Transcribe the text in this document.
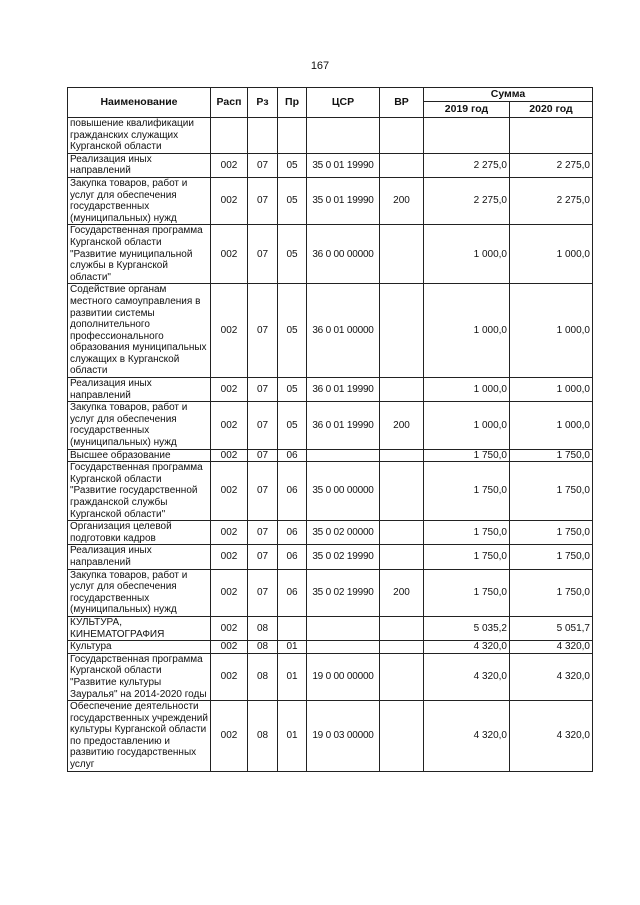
167
Наименование	Расп	Рз	Пр	ЦСР	ВР	Сумма	
						2019 год	2020 год
повышение квалификации гражданских служащих Курганской области							
Реализация иных направлений	002	07	05	35 0 01 19990		2 275,0	2 275,0
Закупка товаров, работ и услуг для обеспечения государственных (муниципальных) нужд	002	07	05	35 0 01 19990	200	2 275,0	2 275,0
Государственная программа Курганской области "Развитие муниципальной службы в Курганской области"	002	07	05	36 0 00 00000		1 000,0	1 000,0
Содействие органам местного самоуправления в развитии системы дополнительного профессионального образования муниципальных служащих в Курганской области	002	07	05	36 0 01 00000		1 000,0	1 000,0
Реализация иных направлений	002	07	05	36 0 01 19990		1 000,0	1 000,0
Закупка товаров, работ и услуг для обеспечения государственных (муниципальных) нужд	002	07	05	36 0 01 19990	200	1 000,0	1 000,0
Высшее образование	002	07	06			1 750,0	1 750,0
Государственная программа Курганской области "Развитие государственной гражданской службы Курганской области"	002	07	06	35 0 00 00000		1 750,0	1 750,0
Организация целевой подготовки кадров	002	07	06	35 0 02 00000		1 750,0	1 750,0
Реализация иных направлений	002	07	06	35 0 02 19990		1 750,0	1 750,0
Закупка товаров, работ и услуг для обеспечения государственных (муниципальных) нужд	002	07	06	35 0 02 19990	200	1 750,0	1 750,0
КУЛЬТУРА, КИНЕМАТОГРАФИЯ	002	08				5 035,2	5 051,7
Культура	002	08	01			4 320,0	4 320,0
Государственная программа Курганской области "Развитие культуры Зауралья" на 2014-2020 годы	002	08	01	19 0 00 00000		4 320,0	4 320,0
Обеспечение деятельности государственных учреждений культуры Курганской области по предоставлению и развитию государственных услуг	002	08	01	19 0 03 00000		4 320,0	4 320,0
